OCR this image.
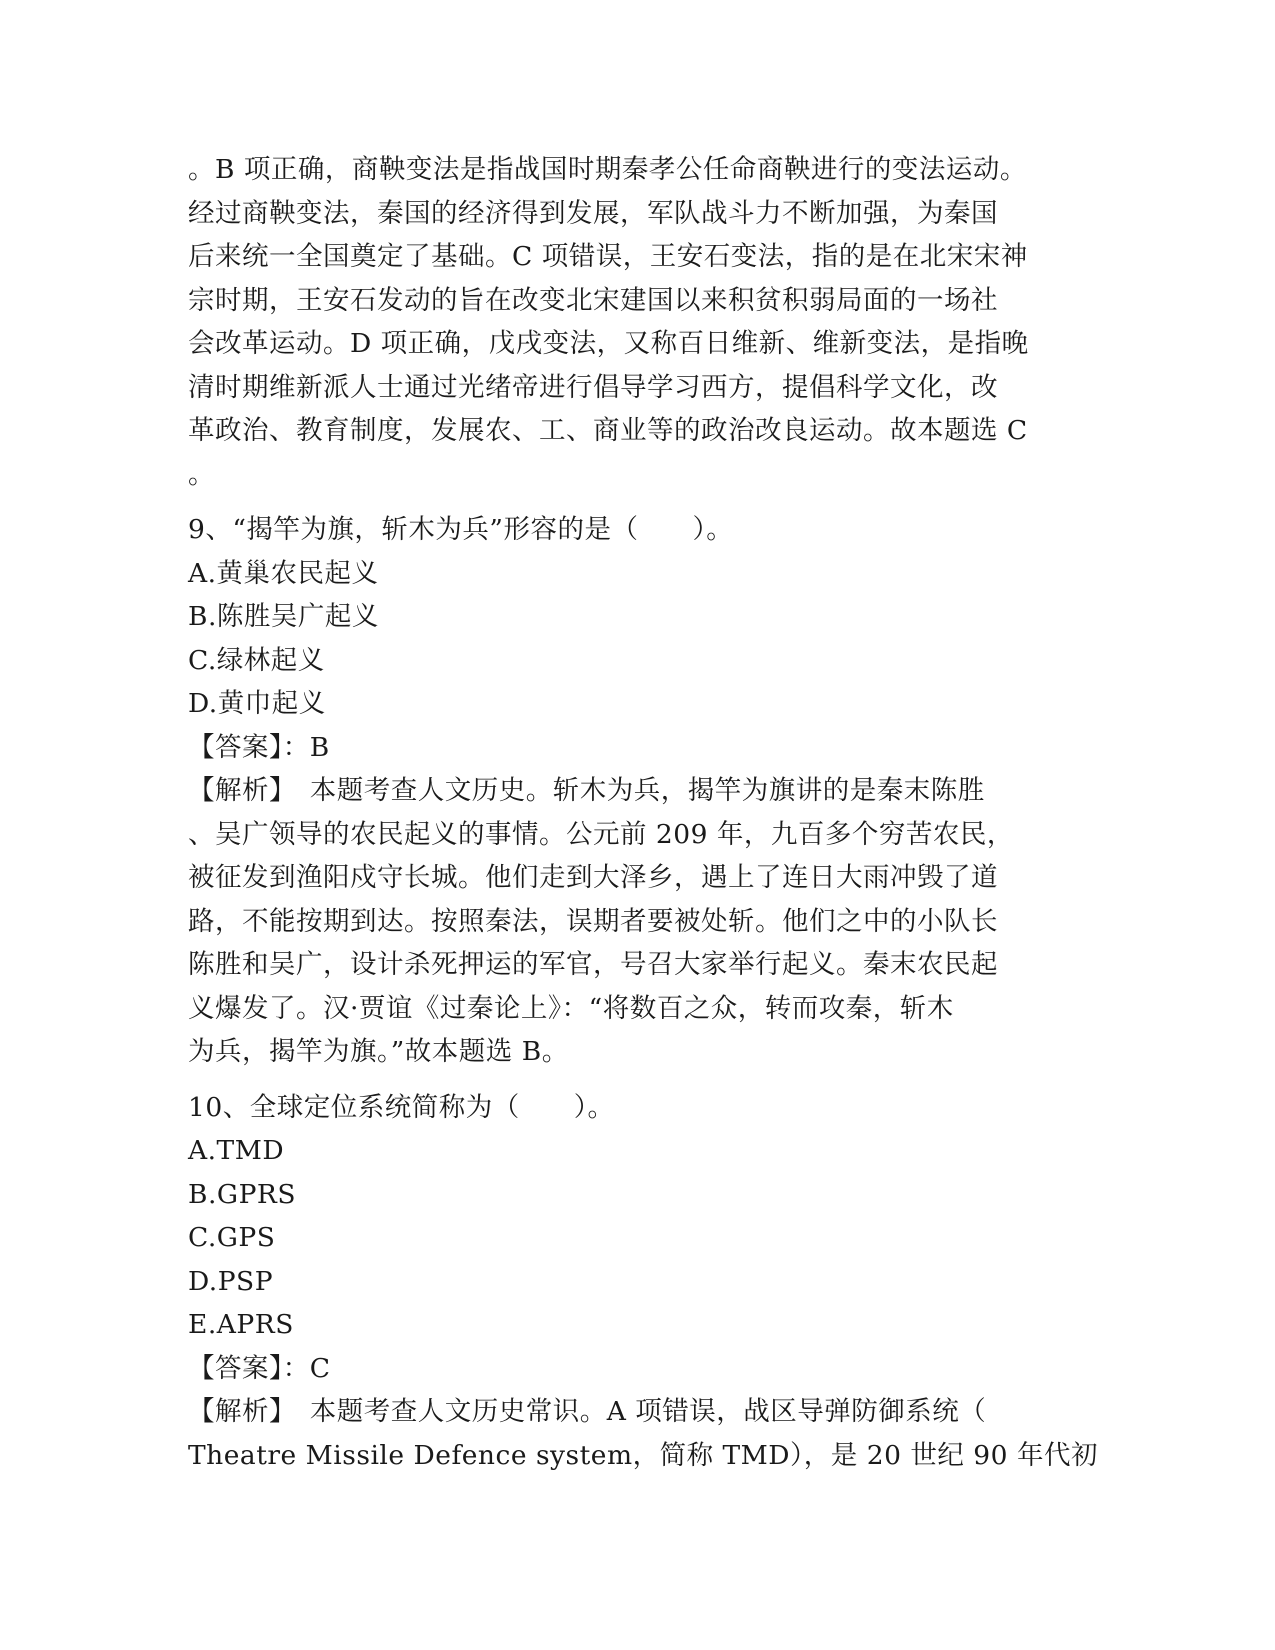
。B 项正确，商鞅变法是指战国时期秦孝公任命商鞅进行的变法运动。
经过商鞅变法，秦国的经济得到发展，军队战斗力不断加强，为秦国
后来统一全国奠定了基础。C 项错误，王安石变法，指的是在北宋宋神
宗时期，王安石发动的旨在改变北宋建国以来积贫积弱局面的一场社
会改革运动。D 项正确，戊戌变法，又称百日维新、维新变法，是指晚
清时期维新派人士通过光绪帝进行倡导学习西方，提倡科学文化，改
革政治、教育制度，发展农、工、商业等的政治改良运动。故本题选 C
。
9、“揭竿为旗，斩木为兵”形容的是（　　）。
A.黄巢农民起义
B.陈胜吴广起义
C.绿林起义
D.黄巾起义
【答案】：B
【解析】　本题考查人文历史。斩木为兵，揭竿为旗讲的是秦末陈胜
、吴广领导的农民起义的事情。公元前 209 年，九百多个穷苦农民，
被征发到渔阳戍守长城。他们走到大泽乡，遇上了连日大雨冲毁了道
路，不能按期到达。按照秦法，误期者要被处斩。他们之中的小队长
陈胜和吴广，设计杀死押运的军官，号召大家举行起义。秦末农民起
义爆发了。汉·贾谊《过秦论上》：“将数百之众，转而攻秦，斩木
为兵，揭竿为旗。”故本题选 B。
10、全球定位系统简称为（　　）。
A.TMD
B.GPRS
C.GPS
D.PSP
E.APRS
【答案】：C
【解析】　本题考查人文历史常识。A 项错误，战区导弹防御系统（
Theatre Missile Defence system，简称 TMD），是 20 世纪 90 年代初
